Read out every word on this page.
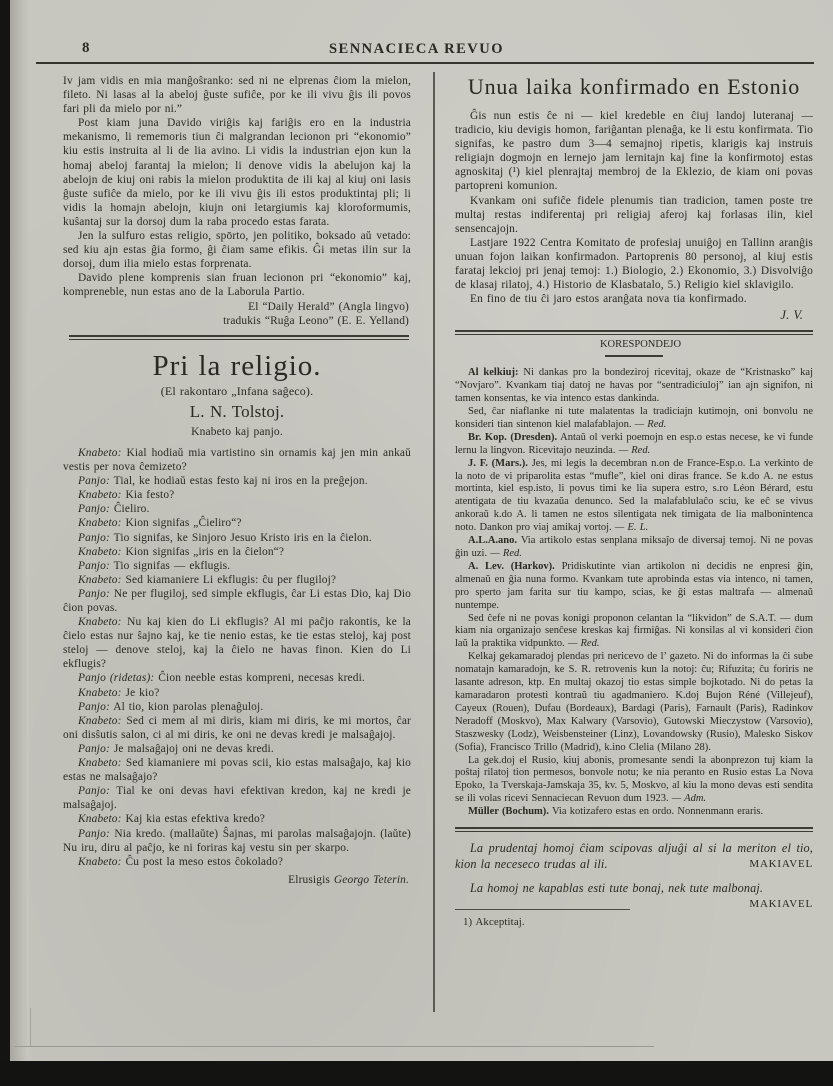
8	SENNACIECA REVUO

Iv jam vidis en mia manĝoŝranko: sed ni ne elprenas ĉiom la mielon, fileto. Ni lasas al la abeloj ĝuste sufiĉe, por ke ili vivu ĝis ili povos fari pli da mielo por ni.”

Post kiam juna Davido viriĝis kaj fariĝis ero en la industria mekanismo, li rememoris tiun ĉi malgrandan lecionon pri “ekonomio” kiu estis instruita al li de lia avino. Li vidis la industrian ejon kun la homaj abeloj farantaj la mielon; li denove vidis la abelujon kaj la abelojn de kiuj oni rabis la mielon produktita de ili kaj al kiuj oni lasis ĝuste sufiĉe da mielo, por ke ili vivu ĝis ili estos produktintaj pli; li vidis la homajn abelojn, kiujn oni letargiumis kaj kloroformumis, kuŝantaj sur la dorsoj dum la raba procedo estas farata.

Jen la sulfuro estas religio, spōrto, jen politiko, boksado aŭ vetado: sed kiu ajn estas ĝia formo, ĝi ĉiam same efikis. Ĝi metas ilin sur la dorsoj, dum ilia mielo estas forprenata.

Davido plene komprenis sian fruan lecionon pri “ekonomio” kaj, kompreneble, nun estas ano de la Laborula Partio.

El “Daily Herald” (Angla lingvo)

tradukis “Ruĝa Leono” (E. E. Yelland)

Pri la religio.

(El rakontaro „Infana saĝeco).

L. N. Tolstoj.

Knabeto kaj panjo.

Knabeto: Kial hodiaŭ mia vartistino sin ornamis kaj jen min ankaŭ vestis per nova ĉemizeto?

Panjo: Tial, ke hodiaŭ estas festo kaj ni iros en la preĝejon.

Knabeto: Kia festo?

Panjo: Ĉieliro.

Knabeto: Kion signifas „Ĉieliro“?

Panjo: Tio signifas, ke Sinjoro Jesuo Kristo iris en la ĉielon.

Knabeto: Kion signifas „iris en la ĉielon“?

Panjo: Tio signifas — ekflugis.

Knabeto: Sed kiamaniere Li ekflugis: ĉu per flugiloj?

Panjo: Ne per flugiloj, sed simple ekflugis, ĉar Li estas Dio, kaj Dio ĉion povas.

Knabeto: Nu kaj kien do Li ekflugis? Al mi paĉjo rakontis, ke la ĉielo estas nur ŝajno kaj, ke tie nenio estas, ke tie estas steloj, kaj post steloj — denove steloj, kaj la ĉielo ne havas finon. Kien do Li ekflugis?

Panjo (ridetas): Ĉion neeble estas kompreni, necesas kredi.

Knabeto: Je kio?

Panjo: Al tio, kion parolas plenaĝuloj.

Knabeto: Sed ci mem al mi diris, kiam mi diris, ke mi mortos, ĉar oni disŝutis salon, ci al mi diris, ke oni ne devas kredi je malsaĝajoj.

Panjo: Je malsaĝajoj oni ne devas kredi.

Knabeto: Sed kiamaniere mi povas scii, kio estas malsaĝajo, kaj kio estas ne malsaĝajo?

Panjo: Tial ke oni devas havi efektivan kredon, kaj ne kredi je malsaĝajoj.

Knabeto: Kaj kia estas efektiva kredo?

Panjo: Nia kredo. (mallaŭte) Ŝajnas, mi parolas malsaĝajojn. (laŭte) Nu iru, diru al paĉjo, ke ni foriras kaj vestu sin per skarpo.

Knabeto: Ĉu post la meso estos ĉokolado?

Elrusigis Georgo Teterin.

Unua laika konfirmado en Estonio

Ĝis nun estis ĉe ni — kiel kredeble en ĉiuj landoj luteranaj — tradicio, kiu devigis homon, fariĝantan plenaĝa, ke li estu konfirmata. Tio signifas, ke pastro dum 3—4 semajnoj ripetis, klarigis kaj instruis religiajn dogmojn en lernejo jam lernitajn kaj fine la konfirmotoj estas agnoskitaj (¹) kiel plenrajtaj membroj de la Eklezio, de kiam oni povas partopreni komunion.

Kvankam oni sufiĉe fidele plenumis tian tradicion, tamen poste tre multaj restas indiferentaj pri religiaj aferoj kaj forlasas ilin, kiel sensencajojn.

Lastjare 1922 Centra Komitato de profesiaj unuiĝoj en Tallinn aranĝis unuan fojon laikan konfirmadon. Partoprenis 80 personoj, al kiuj estis farataj lekcioj pri jenaj temoj: 1.) Biologio, 2.) Ekonomio, 3.) Disvolviĝo de klasaj rilatoj, 4.) Historio de Klasbatalo, 5.) Religio kiel sklavigilo.

En fino de tiu ĉi jaro estos aranĝata nova tia konfirmado.

J. V.

KORESPONDEJO

Al kelkiuj: Ni dankas pro la bondeziroj ricevitaj, okaze de “Kristnasko” kaj “Novjaro”. Kvankam tiaj datoj ne havas por “sentradiciuloj” ian ajn signifon, ni tamen konsentas, ke via intenco estas dankinda.

Sed, ĉar niaflanke ni tute malatentas la tradiciajn kutimojn, oni bonvolu ne konsideri tian sintenon kiel malafablajon. — Red.

Br. Kop. (Dresden). Antaŭ ol verki poemojn en esp.o estas necese, ke vi funde lernu la lingvon. Ricevitajo neuzinda. — Red.

J. F. (Mars.). Jes, mi legis la decembran n.on de France-Esp.o. La verkinto de la noto de vi priparolita estas “mufle”, kiel oni diras france. Se k.do A. ne estus mortinta, kiel esp.isto, li povus timi ke lia supera estro, s.ro Léon Bérard, estu atentigata de tiu kvazaŭa denunco. Sed la malafablulaĉo sciu, ke eĉ se vivus ankoraŭ k.do A. li tamen ne estos silentigata nek timigata de lia malbonintenca noto. Dankon pro viaj amikaj vortoj. — E. L.

A.L.A.ano. Via artikolo estas senplana miksaĵo de diversaj temoj. Ni ne povas ĝin uzi. — Red.

A. Lev. (Harkov). Pridiskutinte vian artikolon ni decidis ne enpresi ĝin, almenaŭ en ĝia nuna formo. Kvankam tute aprobinda estas via intenco, ni tamen, pro sperto jam farita sur tiu kampo, scias, ke ĝi estas maltrafa — almenaŭ nuntempe.

Sed ĉefe ni ne povas konigi proponon celantan la “likvidon” de S.A.T. — dum kiam nia organizajo senĉese kreskas kaj firmiĝas. Ni konsilas al vi konsideri ĉion laŭ la praktika vidpunkto. — Red.

Kelkaj gekamaradoj plendas pri nericevo de l’ gazeto. Ni do informas la ĉi sube nomatajn kamaradojn, ke S. R. retrovenis kun la notoj: ĉu; Rifuzita; ĉu foriris ne lasante adreson, ktp. En multaj okazoj tio estas simple bojkotado. Ni do petas la kamaradaron protesti kontraŭ tiu agadmaniero. K.doj Bujon Réné (Villejeuf), Cayeux (Rouen), Dufau (Bordeaux), Bardagi (Paris), Farnault (Paris), Radinkov Neradoff (Moskvo), Max Kalwary (Varsovio), Gutowski Mieczystow (Varsovio), Staszwesky (Lodz), Weisbensteiner (Linz), Lovandowsky (Rusio), Malesko Siskov (Sofia), Francisco Trillo (Madrid), k.ino Clelia (Milano 28).

La gek.doj el Rusio, kiuj abonis, promesante sendi la abonprezon tuj kiam la poŝtaj rilatoj tion permesos, bonvole notu; ke nia peranto en Rusio estas La Nova Epoko, 1a Tverskaja-Jamskaja 35, kv. 5, Moskvo, al kiu la mono devas esti sendita se ili volas ricevi Sennaciecan Revuon dum 1923. — Adm.

Müller (Bochum). Via kotizafero estas en ordo. Nonnenmann eraris.

La prudentaj homoj ĉiam scipovas aljuĝi al si la meriton el tio, kion la neceseco trudas al ili.	MAKIAVEL

La homoj ne kapablas esti tute bonaj, nek tute malbonaj.
MAKIAVEL

1) Akceptitaj.
